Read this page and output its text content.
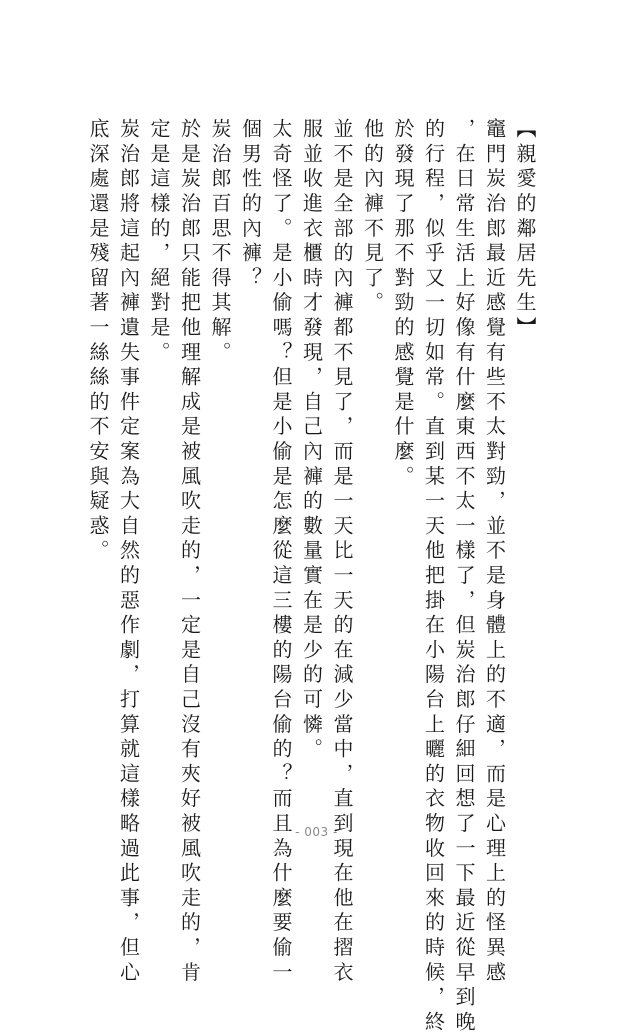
【親愛的鄰居先生】

竈門炭治郎最近感覺有些不太對勁，並不是身體上的不適，而是心理上的怪異感

，在日常生活上好像有什麼東西不太一樣了，但炭治郎仔細回想了一下最近從早到晚

的行程，似乎又一切如常。直到某一天他把掛在小陽台上曬的衣物收回來的時候，終

於發現了那不對勁的感覺是什麼。

他的內褲不見了。

並不是全部的內褲都不見了，而是一天比一天的在減少當中，直到現在他在摺衣

服並收進衣櫃時才發現，自己內褲的數量實在是少的可憐。

太奇怪了。是小偷嗎？但是小偷是怎麼從這三樓的陽台偷的？而且為什麼要偷一

個男性的內褲？

炭治郎百思不得其解。

於是炭治郎只能把他理解成是被風吹走的，一定是自己沒有夾好被風吹走的，肯

定是這樣的，絕對是。

炭治郎將這起內褲遺失事件定案為大自然的惡作劇，打算就這樣略過此事，但心

底深處還是殘留著一絲絲的不安與疑惑。

- 003 -
